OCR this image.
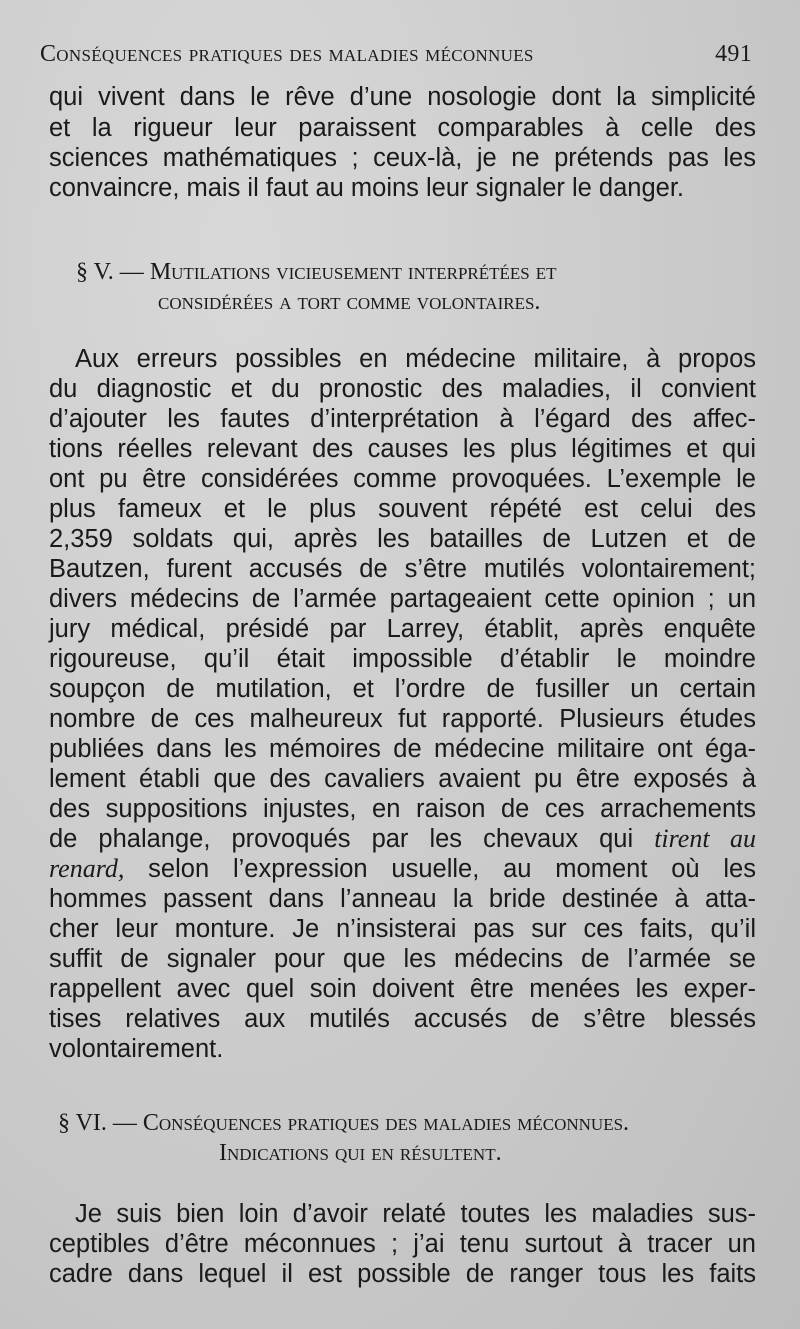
Conséquences pratiques des maladies méconnues	491
qui vivent dans le rêve d’une nosologie dont la simplicité
et la rigueur leur paraissent comparables à celle des
sciences mathématiques ; ceux-là, je ne prétends pas les
convaincre, mais il faut au moins leur signaler le danger.
§ V. — Mutilations vicieusement interprétées et
considérées a tort comme volontaires.
Aux erreurs possibles en médecine militaire, à propos
du diagnostic et du pronostic des maladies, il convient
d’ajouter les fautes d’interprétation à l’égard des affec-
tions réelles relevant des causes les plus légitimes et qui
ont pu être considérées comme provoquées. L’exemple le
plus fameux et le plus souvent répété est celui des
2,359 soldats qui, après les batailles de Lutzen et de
Bautzen, furent accusés de s’être mutilés volontairement;
divers médecins de l’armée partageaient cette opinion ; un
jury médical, présidé par Larrey, établit, après enquête
rigoureuse, qu’il était impossible d’établir le moindre
soupçon de mutilation, et l’ordre de fusiller un certain
nombre de ces malheureux fut rapporté. Plusieurs études
publiées dans les mémoires de médecine militaire ont éga-
lement établi que des cavaliers avaient pu être exposés à
des suppositions injustes, en raison de ces arrachements
de phalange, provoqués par les chevaux qui tirent au
renard, selon l’expression usuelle, au moment où les
hommes passent dans l’anneau la bride destinée à atta-
cher leur monture. Je n’insisterai pas sur ces faits, qu’il
suffit de signaler pour que les médecins de l’armée se
rappellent avec quel soin doivent être menées les exper-
tises relatives aux mutilés accusés de s’être blessés
volontairement.
§ VI. — Conséquences pratiques des maladies méconnues.
Indications qui en résultent.
Je suis bien loin d’avoir relaté toutes les maladies sus-
ceptibles d’être méconnues ; j’ai tenu surtout à tracer un
cadre dans lequel il est possible de ranger tous les faits
